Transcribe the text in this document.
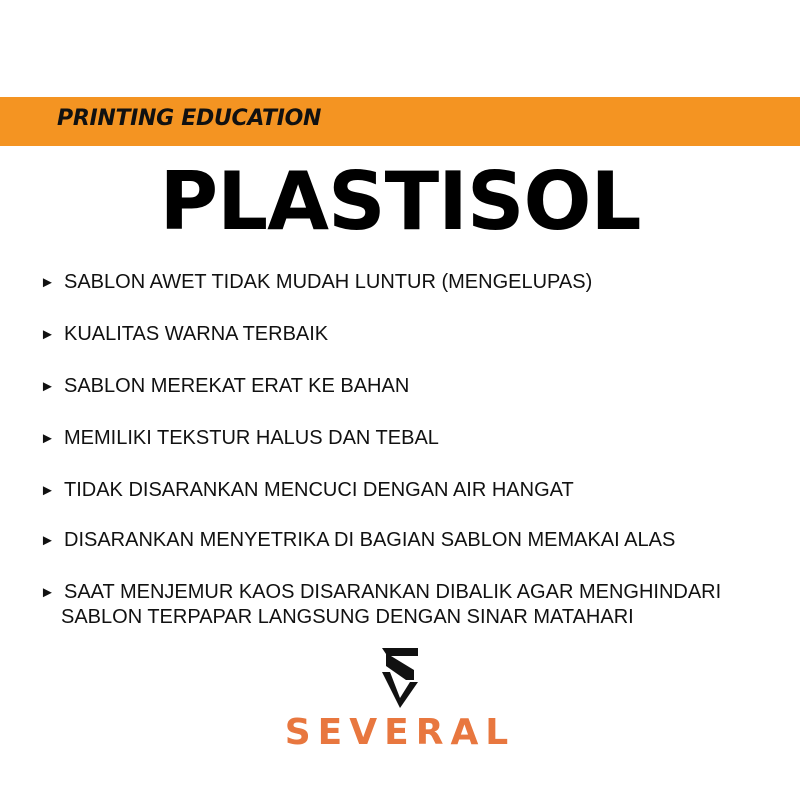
PRINTING EDUCATION
PLASTISOL
► SABLON AWET TIDAK MUDAH LUNTUR (MENGELUPAS)
► KUALITAS WARNA TERBAIK
► SABLON MEREKAT ERAT KE BAHAN
► MEMILIKI TEKSTUR HALUS DAN TEBAL
► TIDAK DISARANKAN MENCUCI DENGAN AIR HANGAT
► DISARANKAN MENYETRIKA DI BAGIAN SABLON MEMAKAI ALAS
► SAAT MENJEMUR KAOS DISARANKAN DIBALIK AGAR MENGHINDARI
SABLON TERPAPAR LANGSUNG DENGAN SINAR MATAHARI
SEVERAL
